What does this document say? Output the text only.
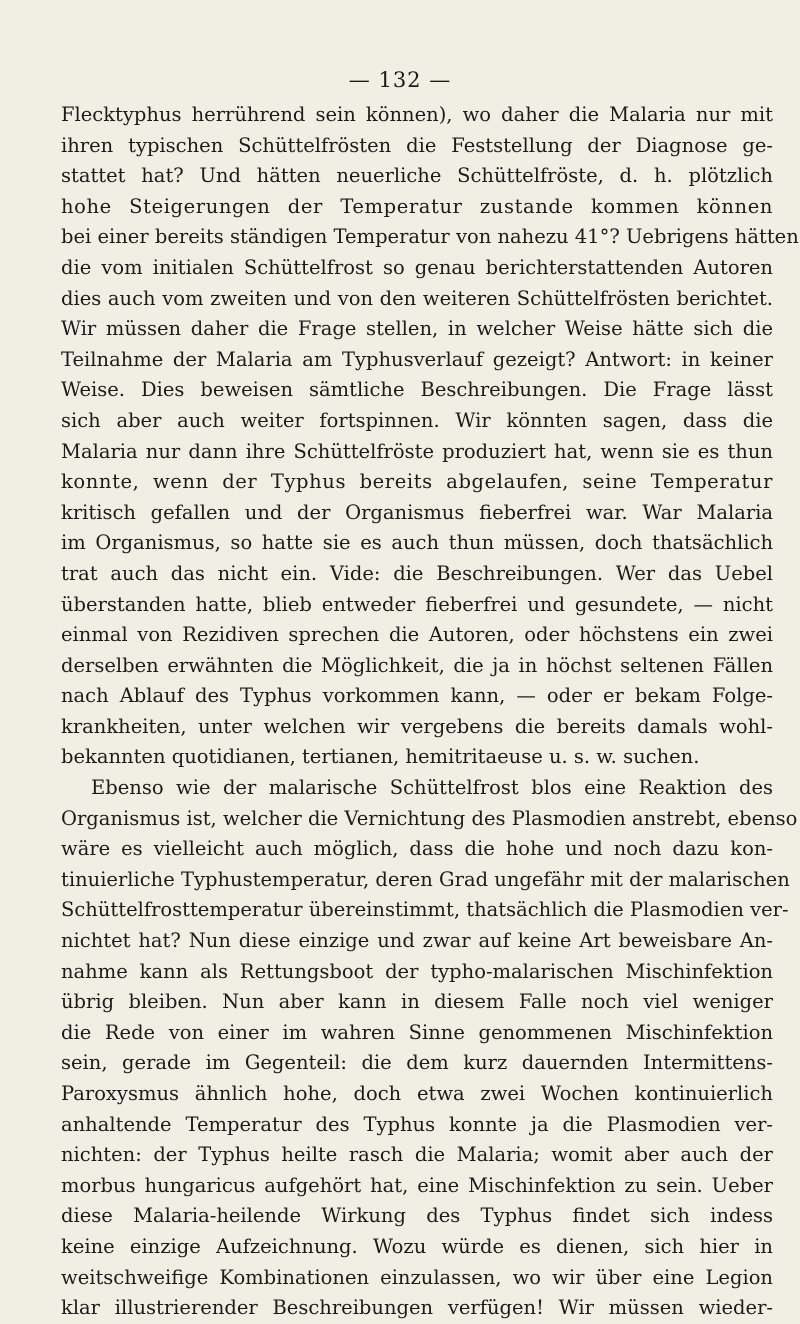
— 132 —
Flecktyphus herrührend sein können), wo daher die Malaria nur mit
ihren typischen Schüttelfrösten die Feststellung der Diagnose ge-
stattet hat? Und hätten neuerliche Schüttelfröste, d. h. plötzlich
hohe Steigerungen der Temperatur zustande kommen können
bei einer bereits ständigen Temperatur von nahezu 41°? Uebrigens hätten
die vom initialen Schüttelfrost so genau berichterstattenden Autoren
dies auch vom zweiten und von den weiteren Schüttelfrösten berichtet.
Wir müssen daher die Frage stellen, in welcher Weise hätte sich die
Teilnahme der Malaria am Typhusverlauf gezeigt? Antwort: in keiner
Weise. Dies beweisen sämtliche Beschreibungen. Die Frage lässt
sich aber auch weiter fortspinnen. Wir könnten sagen, dass die
Malaria nur dann ihre Schüttelfröste produziert hat, wenn sie es thun
konnte, wenn der Typhus bereits abgelaufen, seine Temperatur
kritisch gefallen und der Organismus fieberfrei war. War Malaria
im Organismus, so hatte sie es auch thun müssen, doch thatsächlich
trat auch das nicht ein. Vide: die Beschreibungen. Wer das Uebel
überstanden hatte, blieb entweder fieberfrei und gesundete, — nicht
einmal von Rezidiven sprechen die Autoren, oder höchstens ein zwei
derselben erwähnten die Möglichkeit, die ja in höchst seltenen Fällen
nach Ablauf des Typhus vorkommen kann, — oder er bekam Folge-
krankheiten, unter welchen wir vergebens die bereits damals wohl-
bekannten quotidianen, tertianen, hemitritaeuse u. s. w. suchen.
Ebenso wie der malarische Schüttelfrost blos eine Reaktion des
Organismus ist, welcher die Vernichtung des Plasmodien anstrebt, ebenso
wäre es vielleicht auch möglich, dass die hohe und noch dazu kon-
tinuierliche Typhustemperatur, deren Grad ungefähr mit der malarischen
Schüttelfrosttemperatur übereinstimmt, thatsächlich die Plasmodien ver-
nichtet hat? Nun diese einzige und zwar auf keine Art beweisbare An-
nahme kann als Rettungsboot der typho-malarischen Mischinfektion
übrig bleiben. Nun aber kann in diesem Falle noch viel weniger
die Rede von einer im wahren Sinne genommenen Mischinfektion
sein, gerade im Gegenteil: die dem kurz dauernden Intermittens-
Paroxysmus ähnlich hohe, doch etwa zwei Wochen kontinuierlich
anhaltende Temperatur des Typhus konnte ja die Plasmodien ver-
nichten: der Typhus heilte rasch die Malaria; womit aber auch der
morbus hungaricus aufgehört hat, eine Mischinfektion zu sein. Ueber
diese Malaria-heilende Wirkung des Typhus findet sich indess
keine einzige Aufzeichnung. Wozu würde es dienen, sich hier in
weitschweifige Kombinationen einzulassen, wo wir über eine Legion
klar illustrierender Beschreibungen verfügen! Wir müssen wieder-
